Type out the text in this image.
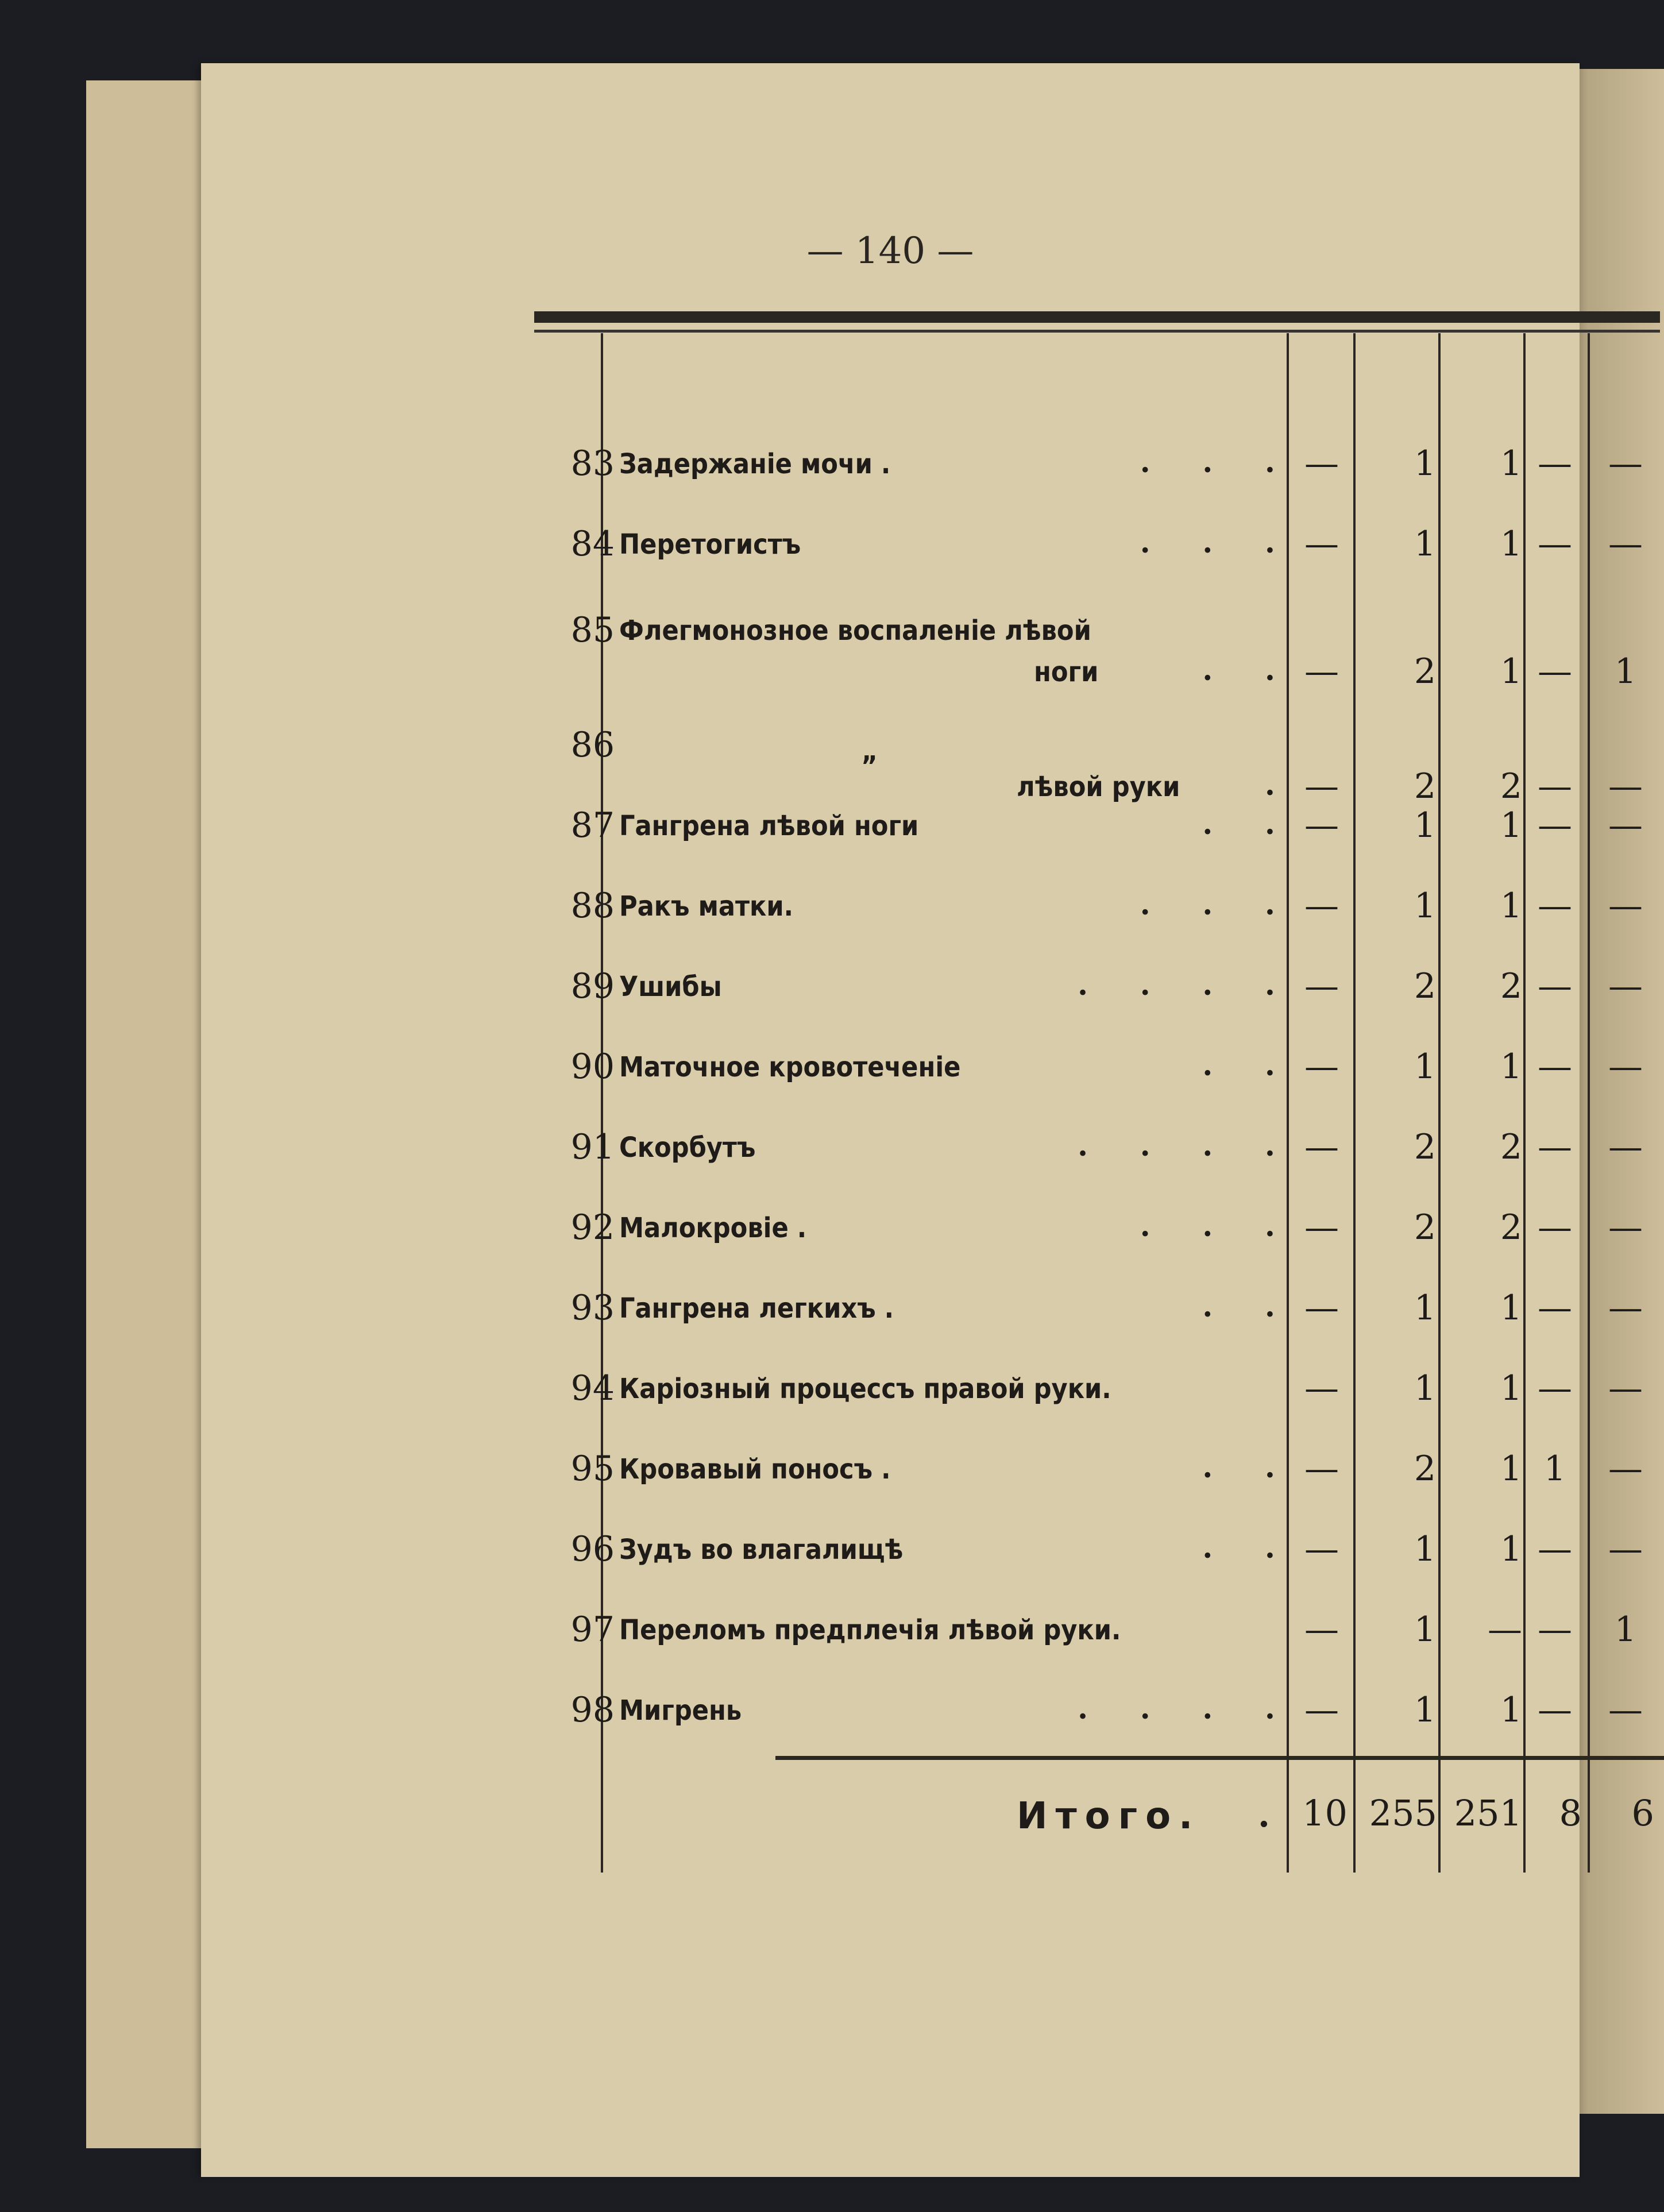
— 140 —
83 Задержаніе мочи .	.     .     . —	1	1 —	—
84 Перетогистъ	.     .     . —	1	1 —	—
85 Флегмонозное воспаленіе лѣвой
ноги	.     . —	2	1 —	1
86	„
лѣвой руки	. —	2	2 —	—
87 Гангрена лѣвой ноги	.     . —	1	1 —	—
88 Ракъ матки.	.     .     . —	1	1 —	—
89 Ушибы	.     .     .     . —	2	2 —	—
90 Маточное кровотеченіе	.     . —	1	1 —	—
91 Скорбутъ	.     .     .     . —	2	2 —	—
92 Малокровіе .	.     .     . —	2	2 —	—
93 Гангрена легкихъ .	.     . —	1	1 —	—
94 Каріозный процессъ правой руки.	—	1	1 —	—
95 Кровавый поносъ .	.     . —	2	1 1	—
96 Зудъ во влагалищѣ	.     . —	1	1 —	—
97 Переломъ предплечія лѣвой руки.	—	1	— —	1
98 Мигрень	.     .     .     . —	1	1 —	—
Итого. . 10 255 251	8	6
